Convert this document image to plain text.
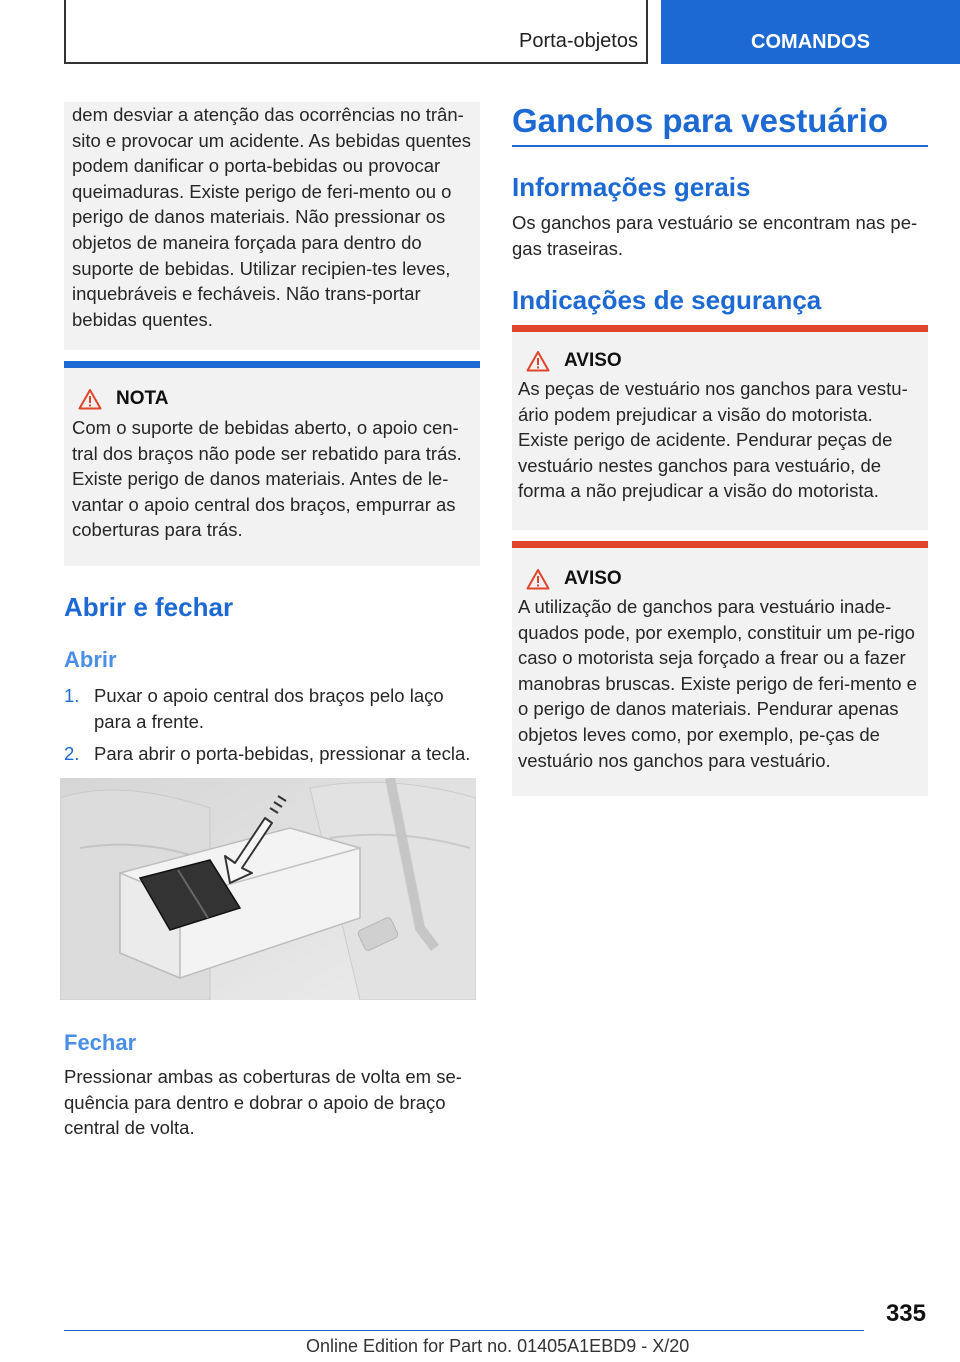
Porta-objetos	COMANDOS
dem desviar a atenção das ocorrências no trân-sito e provocar um acidente. As bebidas quentes podem danificar o porta-bebidas ou provocar queimaduras. Existe perigo de feri-mento ou o perigo de danos materiais. Não pressionar os objetos de maneira forçada para dentro do suporte de bebidas. Utilizar recipien-tes leves, inquebráveis e fecháveis. Não trans-portar bebidas quentes.
NOTA
Com o suporte de bebidas aberto, o apoio cen-tral dos braços não pode ser rebatido para trás. Existe perigo de danos materiais. Antes de le-vantar o apoio central dos braços, empurrar as coberturas para trás.
Abrir e fechar
Abrir
1. Puxar o apoio central dos braços pelo laço para a frente.
2. Para abrir o porta-bebidas, pressionar a tecla.
Fechar
Pressionar ambas as coberturas de volta em se-quência para dentro e dobrar o apoio de braço central de volta.
Ganchos para vestuário
Informações gerais
Os ganchos para vestuário se encontram nas pe-gas traseiras.
Indicações de segurança
AVISO
As peças de vestuário nos ganchos para vestu-ário podem prejudicar a visão do motorista. Existe perigo de acidente. Pendurar peças de vestuário nestes ganchos para vestuário, de forma a não prejudicar a visão do motorista.
AVISO
A utilização de ganchos para vestuário inade-quados pode, por exemplo, constituir um pe-rigo caso o motorista seja forçado a frear ou a fazer manobras bruscas. Existe perigo de feri-mento e o perigo de danos materiais. Pendurar apenas objetos leves como, por exemplo, pe-ças de vestuário nos ganchos para vestuário.
335
Online Edition for Part no. 01405A1EBD9 - X/20
